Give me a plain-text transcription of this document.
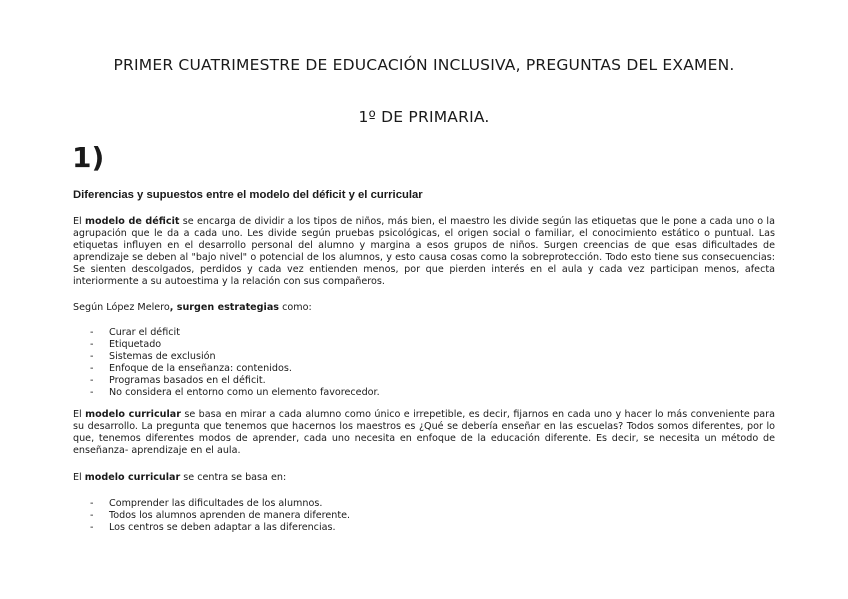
PRIMER CUATRIMESTRE DE EDUCACIÓN INCLUSIVA, PREGUNTAS DEL EXAMEN.
1º DE PRIMARIA.
1)
Diferencias y supuestos entre el modelo del déficit y el curricular

El modelo de déficit se encarga de dividir a los tipos de niños, más bien, el maestro les divide según las etiquetas que le pone a cada uno o la agrupación que le da a cada uno. Les divide según pruebas psicológicas, el origen social o familiar, el conocimiento estático o puntual. Las etiquetas influyen en el desarrollo personal del alumno y margina a esos grupos de niños. Surgen creencias de que esas dificultades de aprendizaje se deben al "bajo nivel" o potencial de los alumnos, y esto causa cosas como la sobreprotección. Todo esto tiene sus consecuencias: Se sienten descolgados, perdidos y cada vez entienden menos, por que pierden interés en el aula y cada vez participan menos, afecta interiormente a su autoestima y la relación con sus compañeros.

Según López Melero, surgen estrategias como:

- Curar el déficit
- Etiquetado
- Sistemas de exclusión
- Enfoque de la enseñanza: contenidos.
- Programas basados en el déficit.
- No considera el entorno como un elemento favorecedor.

El modelo curricular se basa en mirar a cada alumno como único e irrepetible, es decir, fijarnos en cada uno y hacer lo más conveniente para su desarrollo. La pregunta que tenemos que hacernos los maestros es ¿Qué se debería enseñar en las escuelas? Todos somos diferentes, por lo que, tenemos diferentes modos de aprender, cada uno necesita en enfoque de la educación diferente. Es decir, se necesita un método de enseñanza- aprendizaje en el aula.

El modelo curricular se centra se basa en:

- Comprender las dificultades de los alumnos.
- Todos los alumnos aprenden de manera diferente.
- Los centros se deben adaptar a las diferencias.
